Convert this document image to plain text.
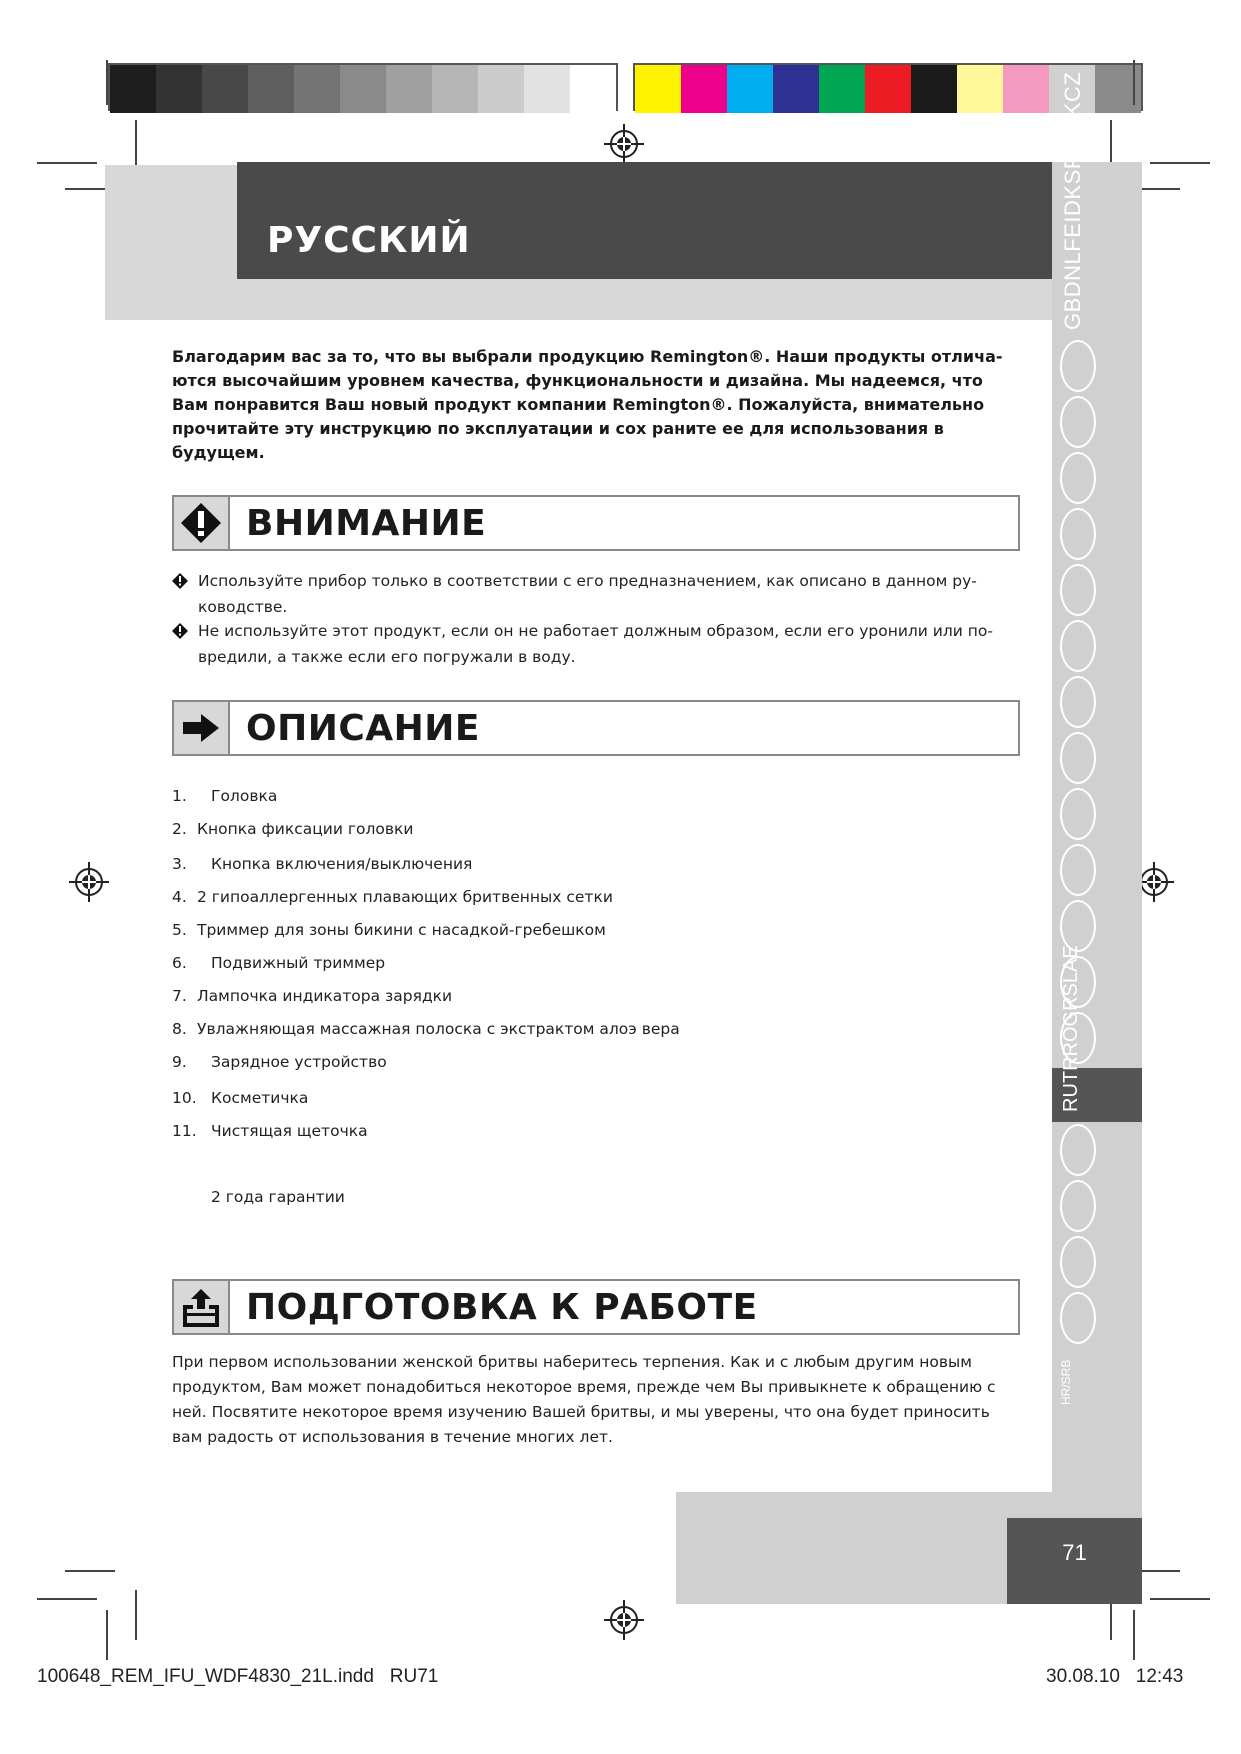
РУССКИЙ	GBDNLFEIDKSFINSKCZ
RUTRROGRSLAE
HR/SRB
71
Благодарим вас за то, что вы выбрали продукцию Remington®. Наши продукты отлича-ются высочайшим уровнем качества, функциональности и дизайна. Мы надеемся, что Вам понравится Ваш новый продукт компании Remington®. Пожалуйста, внимательно прочитайте эту инструкцию по эксплуатации и сох раните ее для использования в будущем.
ВНИМАНИЕ
Используйте прибор только в соответствии с его предназначением, как описано в данном ру-ководстве.
Не используйте этот продукт, если он не работает должным образом, если его уронили или по-вредили, а также если его погружали в воду.
ОПИСАНИЕ
1. Головка
2. Кнопка фиксации головки
3. Кнопка включения/выключения
4. 2 гипоаллергенных плавающих бритвенных сетки
5. Триммер для зоны бикини с насадкой-гребешком
6. Подвижный триммер
7. Лампочка индикатора зарядки
8. Увлажняющая массажная полоска с экстрактом алоэ вера
9. Зарядное устройство
10. Косметичка
11. Чистящая щеточка
2 года гарантии
ПОДГОТОВКА К РАБОТЕ
При первом использовании женской бритвы наберитесь терпения. Как и с любым другим новым продуктом, Вам может понадобиться некоторое время, прежде чем Вы привыкнете к обращению с ней. Посвятите некоторое время изучению Вашей бритвы, и мы уверены, что она будет приносить вам радость от использования в течение многих лет.
100648_REM_IFU_WDF4830_21L.indd   RU71	30.08.10   12:43
